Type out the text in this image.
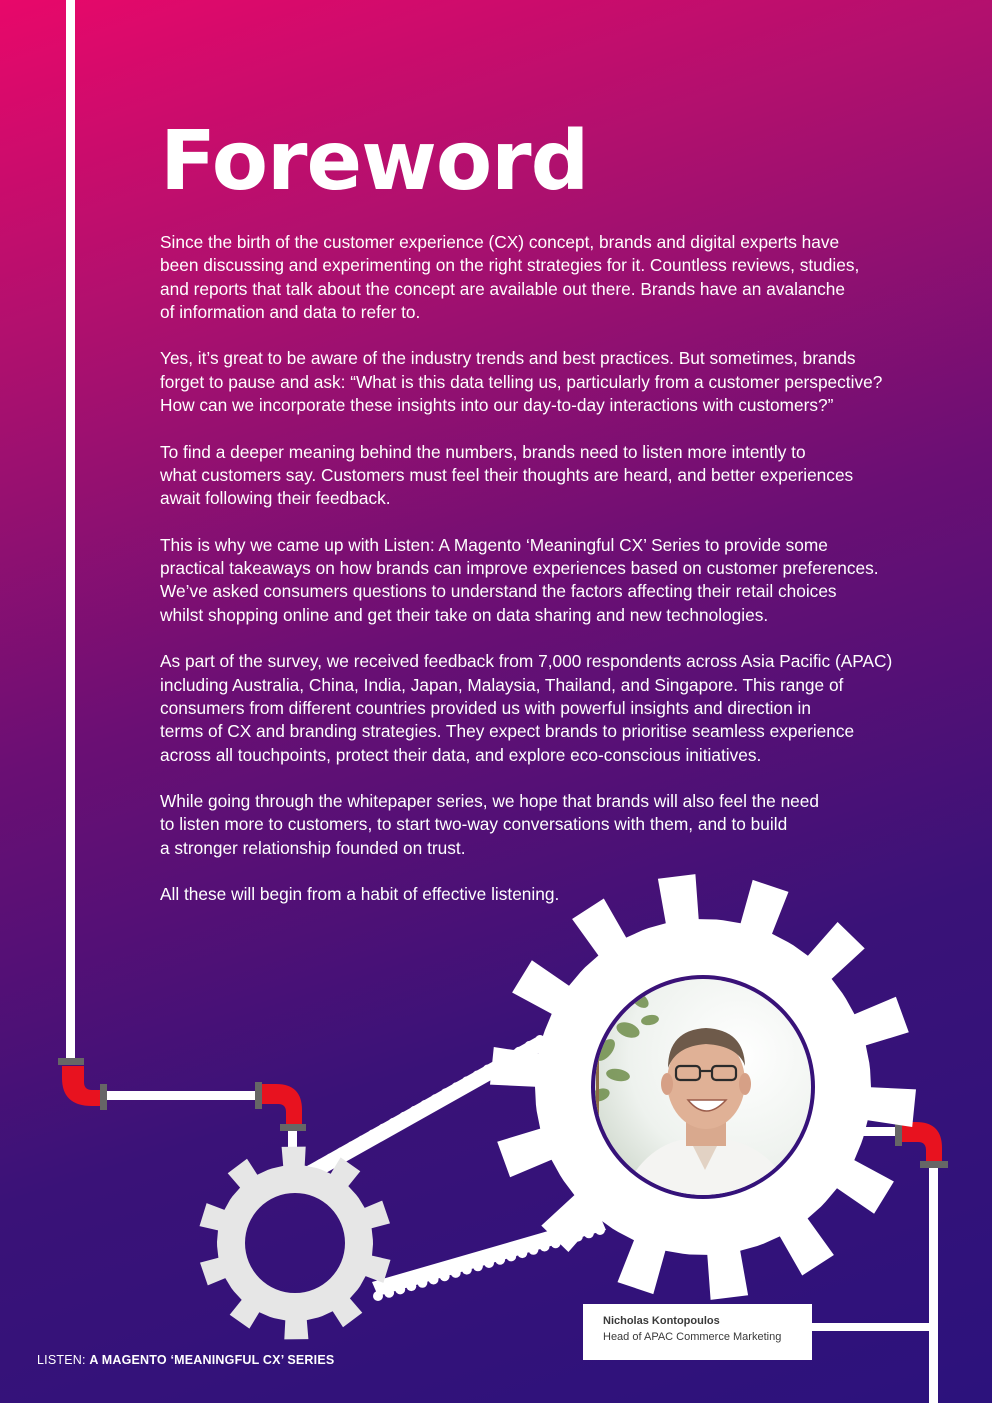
Foreword

Since the birth of the customer experience (CX) concept, brands and digital experts have
been discussing and experimenting on the right strategies for it. Countless reviews, studies,
and reports that talk about the concept are available out there. Brands have an avalanche
of information and data to refer to.

Yes, it’s great to be aware of the industry trends and best practices. But sometimes, brands
forget to pause and ask: “What is this data telling us, particularly from a customer perspective?
How can we incorporate these insights into our day-to-day interactions with customers?”

To find a deeper meaning behind the numbers, brands need to listen more intently to
what customers say. Customers must feel their thoughts are heard, and better experiences
await following their feedback.

This is why we came up with Listen: A Magento ‘Meaningful CX’ Series to provide some
practical takeaways on how brands can improve experiences based on customer preferences.
We’ve asked consumers questions to understand the factors affecting their retail choices
whilst shopping online and get their take on data sharing and new technologies.

As part of the survey, we received feedback from 7,000 respondents across Asia Pacific (APAC)
including Australia, China, India, Japan, Malaysia, Thailand, and Singapore. This range of
consumers from different countries provided us with powerful insights and direction in
terms of CX and branding strategies. They expect brands to prioritise seamless experience
across all touchpoints, protect their data, and explore eco-conscious initiatives.

While going through the whitepaper series, we hope that brands will also feel the need
to listen more to customers, to start two-way conversations with them, and to build
a stronger relationship founded on trust.

All these will begin from a habit of effective listening.

Nicholas Kontopoulos

Head of APAC Commerce Marketing

LISTEN: A MAGENTO ‘MEANINGFUL CX’ SERIES
